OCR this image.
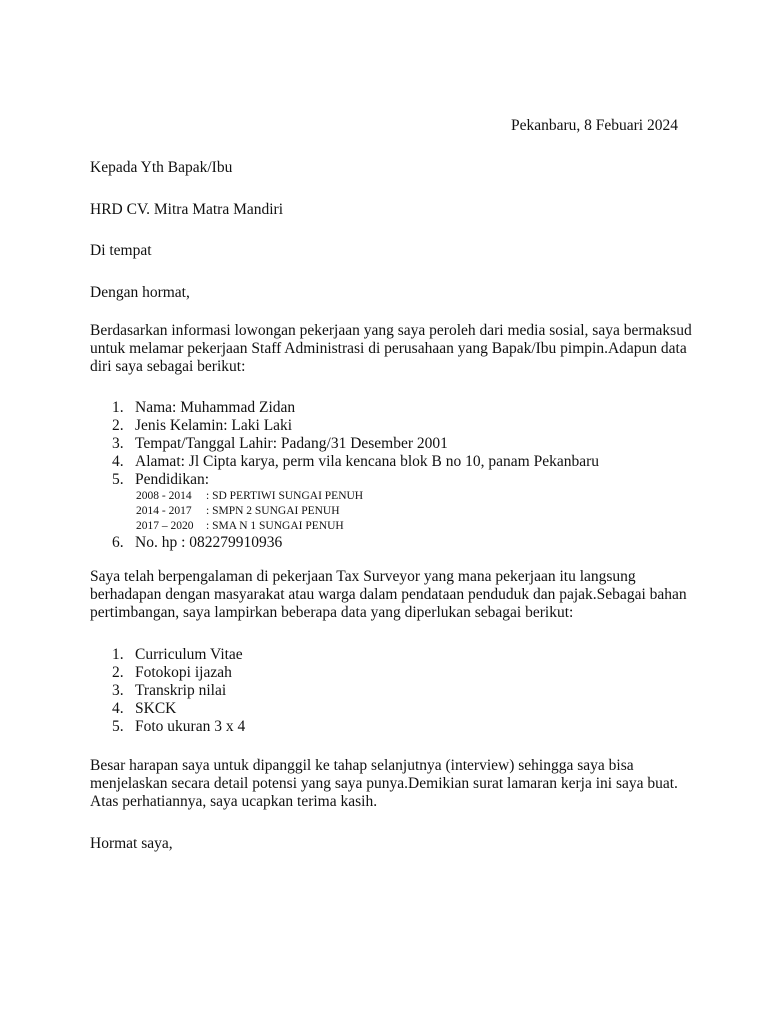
Pekanbaru, 8 Febuari 2024
Kepada Yth Bapak/Ibu
HRD CV. Mitra Matra Mandiri
Di tempat
Dengan hormat,
Berdasarkan informasi lowongan pekerjaan yang saya peroleh dari media sosial, saya bermaksud
untuk melamar pekerjaan Staff Administrasi di perusahaan yang Bapak/Ibu pimpin.Adapun data
diri saya sebagai berikut:
1. Nama: Muhammad Zidan
2. Jenis Kelamin: Laki Laki
3. Tempat/Tanggal Lahir: Padang/31 Desember 2001
4. Alamat: Jl Cipta karya, perm vila kencana blok B no 10, panam Pekanbaru
5. Pendidikan:
2008 - 2014 : SD PERTIWI SUNGAI PENUH
2014 - 2017 : SMPN 2 SUNGAI PENUH
2017 – 2020 : SMA N 1 SUNGAI PENUH
6. No. hp : 082279910936
Saya telah berpengalaman di pekerjaan Tax Surveyor yang mana pekerjaan itu langsung
berhadapan dengan masyarakat atau warga dalam pendataan penduduk dan pajak.Sebagai bahan
pertimbangan, saya lampirkan beberapa data yang diperlukan sebagai berikut:
1. Curriculum Vitae
2. Fotokopi ijazah
3. Transkrip nilai
4. SKCK
5. Foto ukuran 3 x 4
Besar harapan saya untuk dipanggil ke tahap selanjutnya (interview) sehingga saya bisa
menjelaskan secara detail potensi yang saya punya.Demikian surat lamaran kerja ini saya buat.
Atas perhatiannya, saya ucapkan terima kasih.
Hormat saya,
